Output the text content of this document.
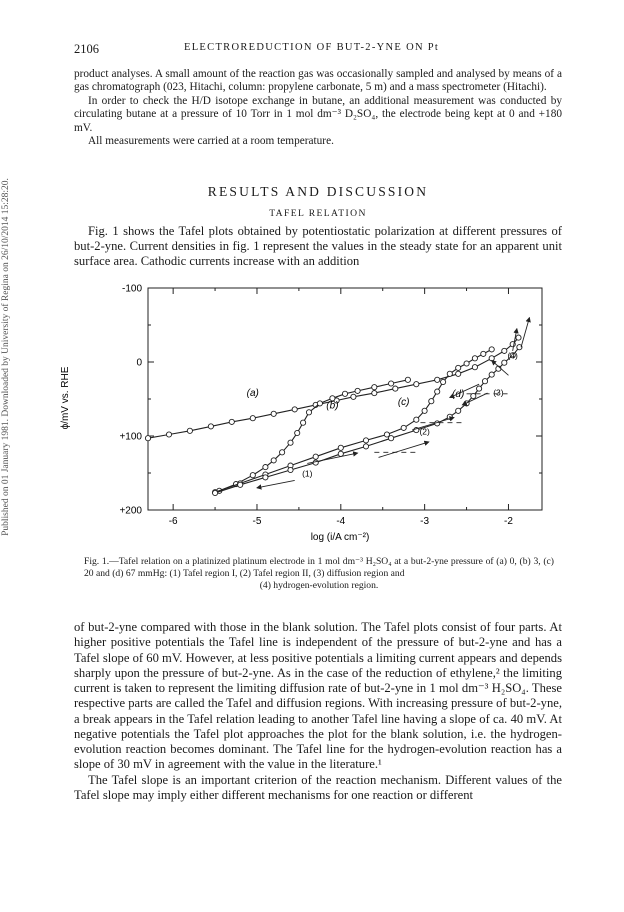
Published on 01 January 1981. Downloaded by University of Regina on 26/10/2014 15:28:20.
2106	ELECTROREDUCTION OF BUT-2-YNE ON Pt

product analyses. A small amount of the reaction gas was occasionally sampled and analysed by means of a gas chromatograph (023, Hitachi, column: propylene carbonate, 5 m) and a mass spectrometer (Hitachi).

In order to check the H/D isotope exchange in butane, an additional measurement was conducted by circulating butane at a pressure of 10 Torr in 1 mol dm⁻³ D₂SO₄, the electrode being kept at 0 and +180 mV.

All measurements were carried at a room temperature.

RESULTS AND DISCUSSION
TAFEL RELATION

Fig. 1 shows the Tafel plots obtained by potentiostatic polarization at different pressures of but-2-yne. Current densities in fig. 1 represent the values in the steady state for an apparent unit surface area. Cathodic currents increase with an addition

-6	-5	-4	-3	-2
-100
0
+100
+200
(a)
(b)	(c)
(d)
(1)
(2)
(3)
(4)
ϕ/mV vs. RHE
log (i/A cm⁻²)

Fig. 1.—Tafel relation on a platinized platinum electrode in 1 mol dm⁻³ H₂SO₄ at a but-2-yne pressure of (a) 0, (b) 3, (c) 20 and (d) 67 mmHg: (1) Tafel region I, (2) Tafel region II, (3) diffusion region and

(4) hydrogen-evolution region.

of but-2-yne compared with those in the blank solution. The Tafel plots consist of four parts. At higher positive potentials the Tafel line is independent of the pressure of but-2-yne and has a Tafel slope of 60 mV. However, at less positive potentials a limiting current appears and depends sharply upon the pressure of but-2-yne. As in the case of the reduction of ethylene,² the limiting current is taken to represent the limiting diffusion rate of but-2-yne in 1 mol dm⁻³ H₂SO₄. These respective parts are called the Tafel and diffusion regions. With increasing pressure of but-2-yne, a break appears in the Tafel relation leading to another Tafel line having a slope of ca. 40 mV. At negative potentials the Tafel plot approaches the plot for the blank solution, i.e. the hydrogen-evolution reaction becomes dominant. The Tafel line for the hydrogen-evolution reaction has a slope of 30 mV in agreement with the value in the literature.¹

The Tafel slope is an important criterion of the reaction mechanism. Different values of the Tafel slope may imply either different mechanisms for one reaction or different
